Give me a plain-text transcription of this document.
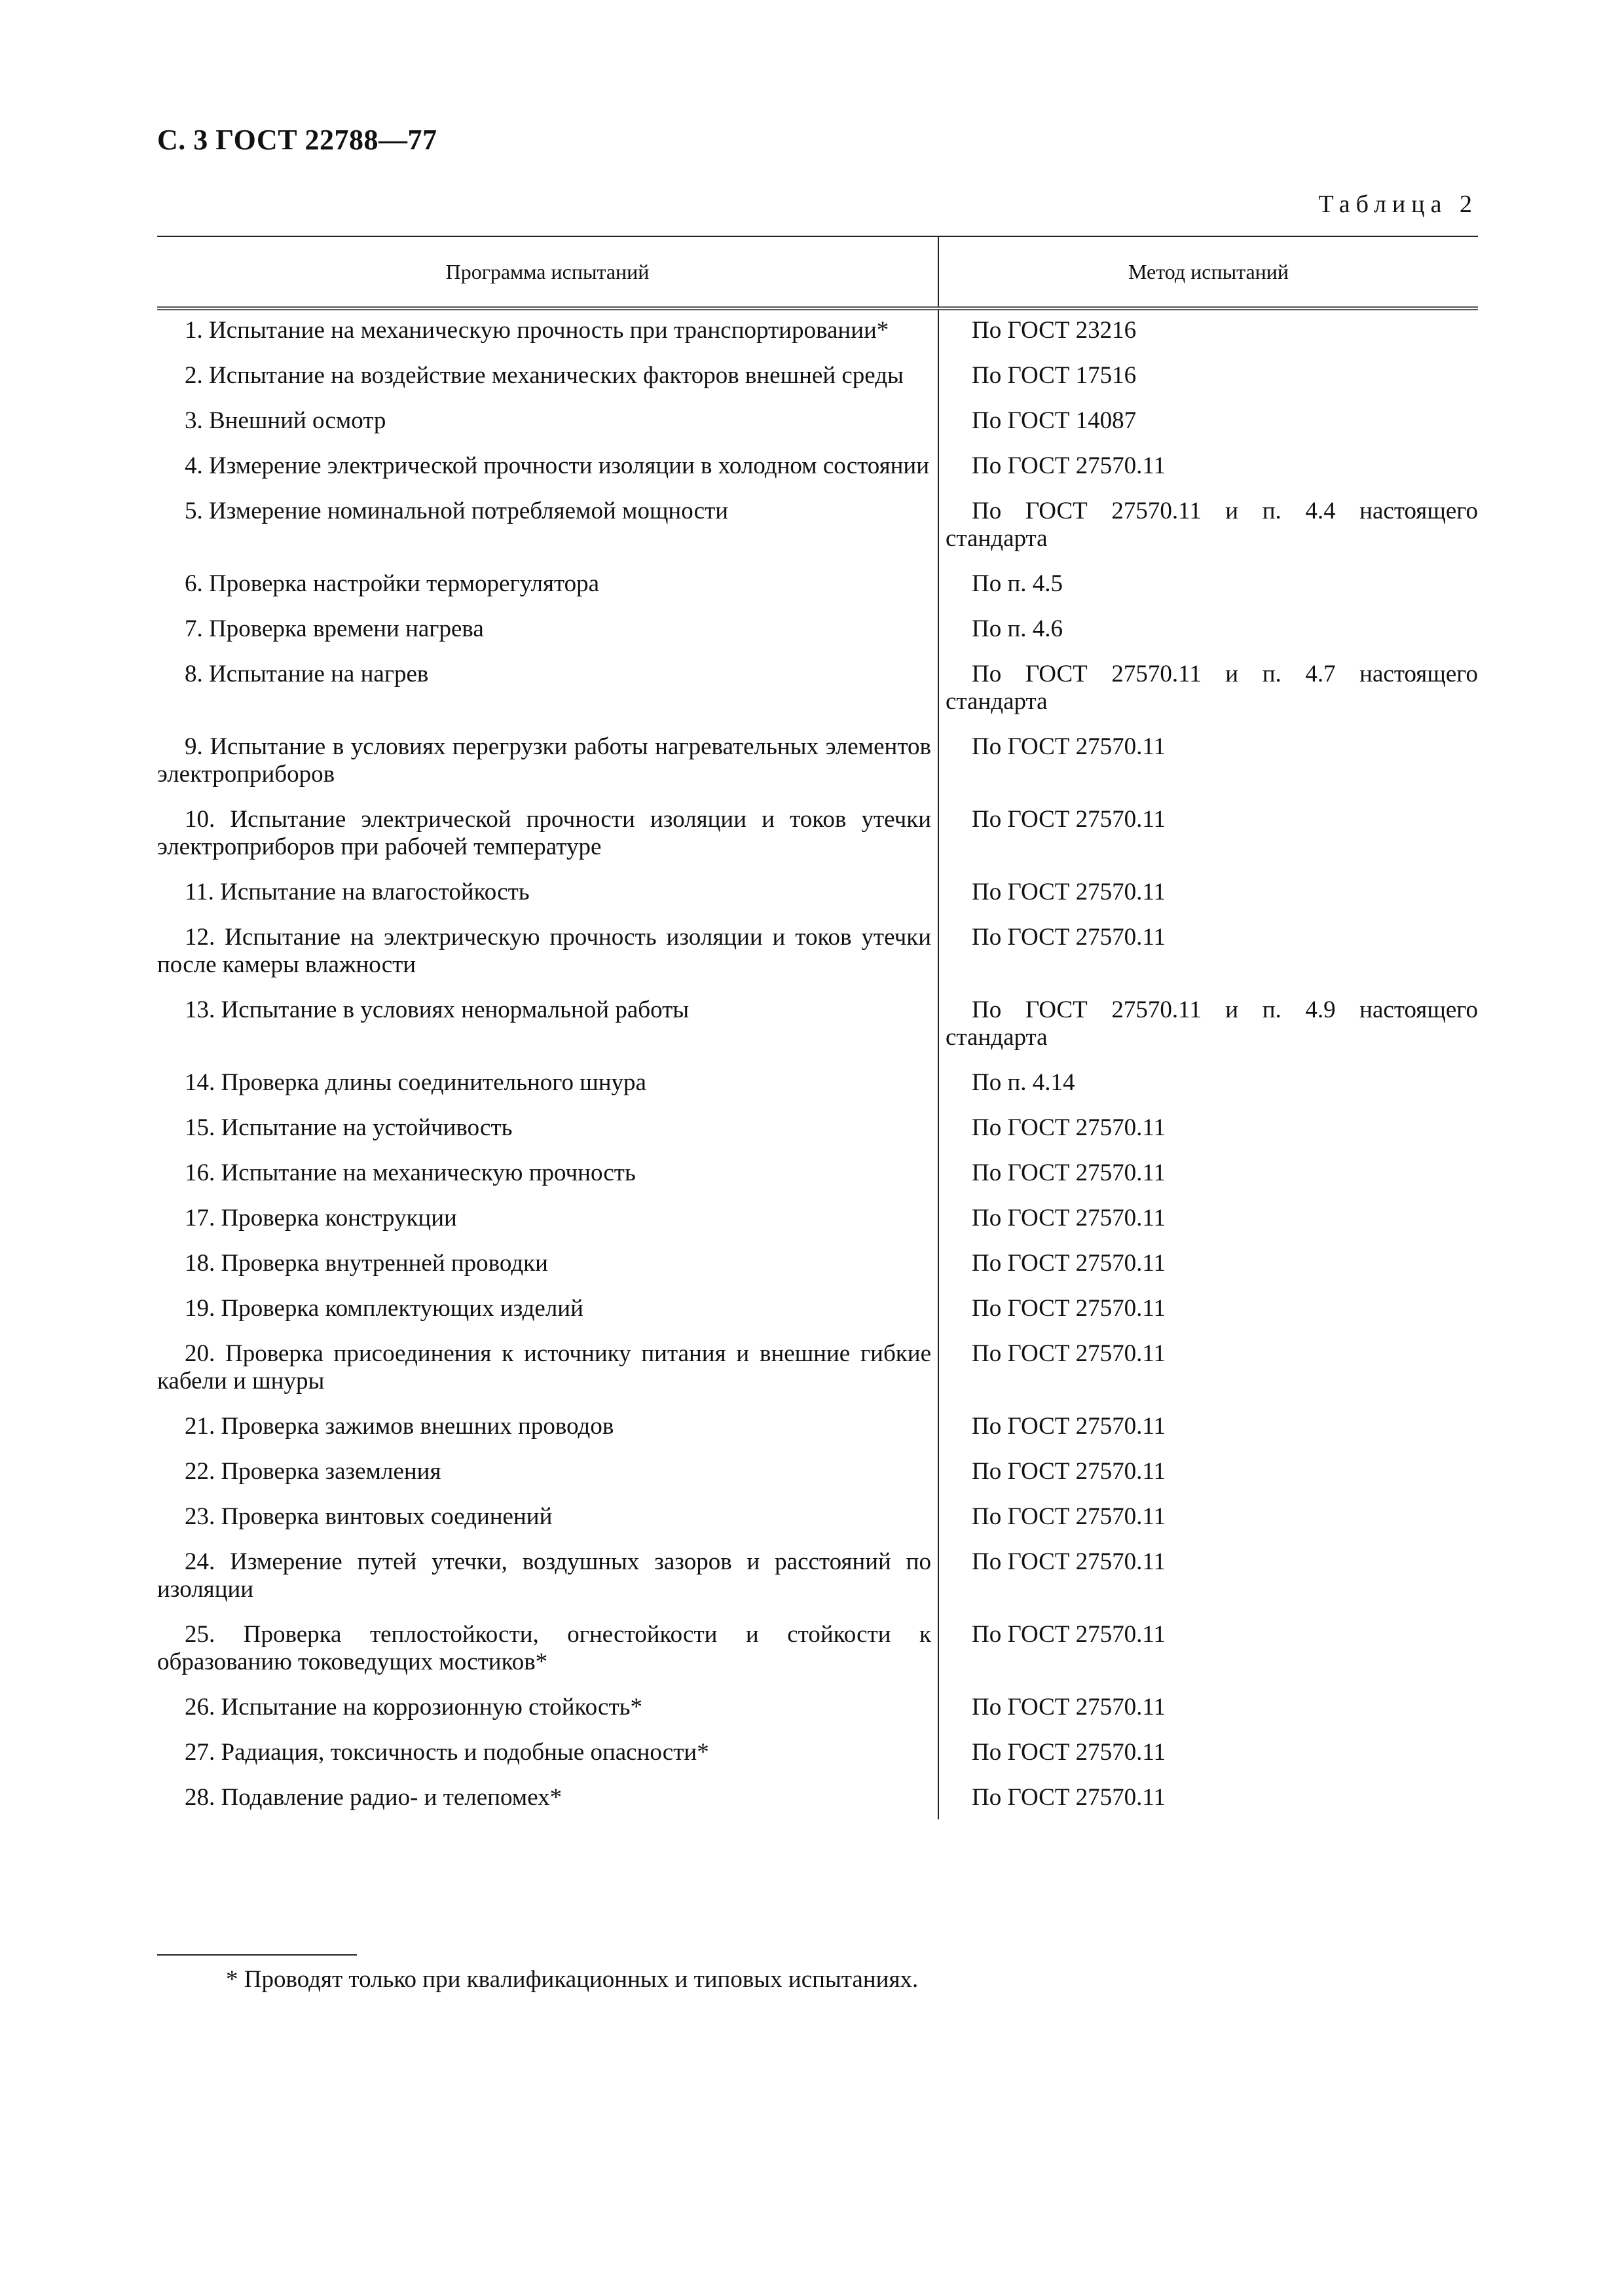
С. 3 ГОСТ 22788—77
Таблица 2
Программа испытаний	Метод испытаний
1. Испытание на механическую прочность при транспортировании*	По ГОСТ 23216
2. Испытание на воздействие механических факторов внешней среды	По ГОСТ 17516
3. Внешний осмотр	По ГОСТ 14087
4. Измерение электрической прочности изоляции в холодном состоянии	По ГОСТ 27570.11
5. Измерение номинальной потребляемой мощности	По ГОСТ 27570.11 и п. 4.4 настоящего стандарта
6. Проверка настройки терморегулятора	По п. 4.5
7. Проверка времени нагрева	По п. 4.6
8. Испытание на нагрев	По ГОСТ 27570.11 и п. 4.7 настоящего стандарта
9. Испытание в условиях перегрузки работы нагревательных элементов электроприборов	По ГОСТ 27570.11
10. Испытание электрической прочности изоляции и токов утечки электроприборов при рабочей температуре	По ГОСТ 27570.11
11. Испытание на влагостойкость	По ГОСТ 27570.11
12. Испытание на электрическую прочность изоляции и токов утечки после камеры влажности	По ГОСТ 27570.11
13. Испытание в условиях ненормальной работы	По ГОСТ 27570.11 и п. 4.9 настоящего стандарта
14. Проверка длины соединительного шнура	По п. 4.14
15. Испытание на устойчивость	По ГОСТ 27570.11
16. Испытание на механическую прочность	По ГОСТ 27570.11
17. Проверка конструкции	По ГОСТ 27570.11
18. Проверка внутренней проводки	По ГОСТ 27570.11
19. Проверка комплектующих изделий	По ГОСТ 27570.11
20. Проверка присоединения к источнику питания и внешние гибкие кабели и шнуры	По ГОСТ 27570.11
21. Проверка зажимов внешних проводов	По ГОСТ 27570.11
22. Проверка заземления	По ГОСТ 27570.11
23. Проверка винтовых соединений	По ГОСТ 27570.11
24. Измерение путей утечки, воздушных зазоров и расстояний по изоляции	По ГОСТ 27570.11
25. Проверка теплостойкости, огнестойкости и стойкости к образованию токоведущих мостиков*	По ГОСТ 27570.11
26. Испытание на коррозионную стойкость*	По ГОСТ 27570.11
27. Радиация, токсичность и подобные опасности*	По ГОСТ 27570.11
28. Подавление радио- и телепомех*	По ГОСТ 27570.11
* Проводят только при квалификационных и типовых испытаниях.
